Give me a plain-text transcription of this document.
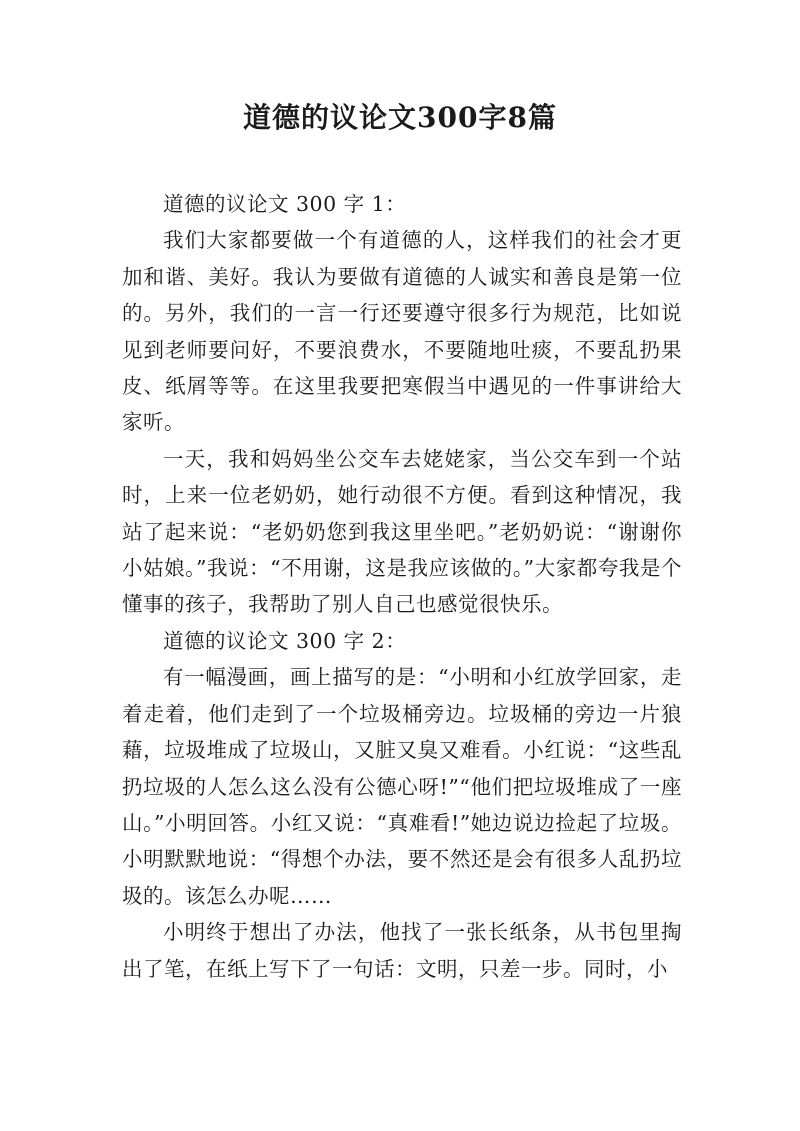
道德的议论文300字8篇

道德的议论文 300 字 1：

我们大家都要做一个有道德的人，这样我们的社会才更加和谐、美好。我认为要做有道德的人诚实和善良是第一位的。另外，我们的一言一行还要遵守很多行为规范，比如说见到老师要问好，不要浪费水，不要随地吐痰，不要乱扔果皮、纸屑等等。在这里我要把寒假当中遇见的一件事讲给大家听。

一天，我和妈妈坐公交车去姥姥家，当公交车到一个站时，上来一位老奶奶，她行动很不方便。看到这种情况，我站了起来说：“老奶奶您到我这里坐吧。”老奶奶说：“谢谢你小姑娘。”我说：“不用谢，这是我应该做的。”大家都夸我是个懂事的孩子，我帮助了别人自己也感觉很快乐。

道德的议论文 300 字 2：

有一幅漫画，画上描写的是：“小明和小红放学回家，走着走着，他们走到了一个垃圾桶旁边。垃圾桶的旁边一片狼藉，垃圾堆成了垃圾山，又脏又臭又难看。小红说：“这些乱扔垃圾的人怎么这么没有公德心呀!”“他们把垃圾堆成了一座山。”小明回答。小红又说：“真难看!”她边说边捡起了垃圾。小明默默地说：“得想个办法，要不然还是会有很多人乱扔垃圾的。该怎么办呢……

小明终于想出了办法，他找了一张长纸条，从书包里掏出了笔，在纸上写下了一句话：文明，只差一步。同时，小
